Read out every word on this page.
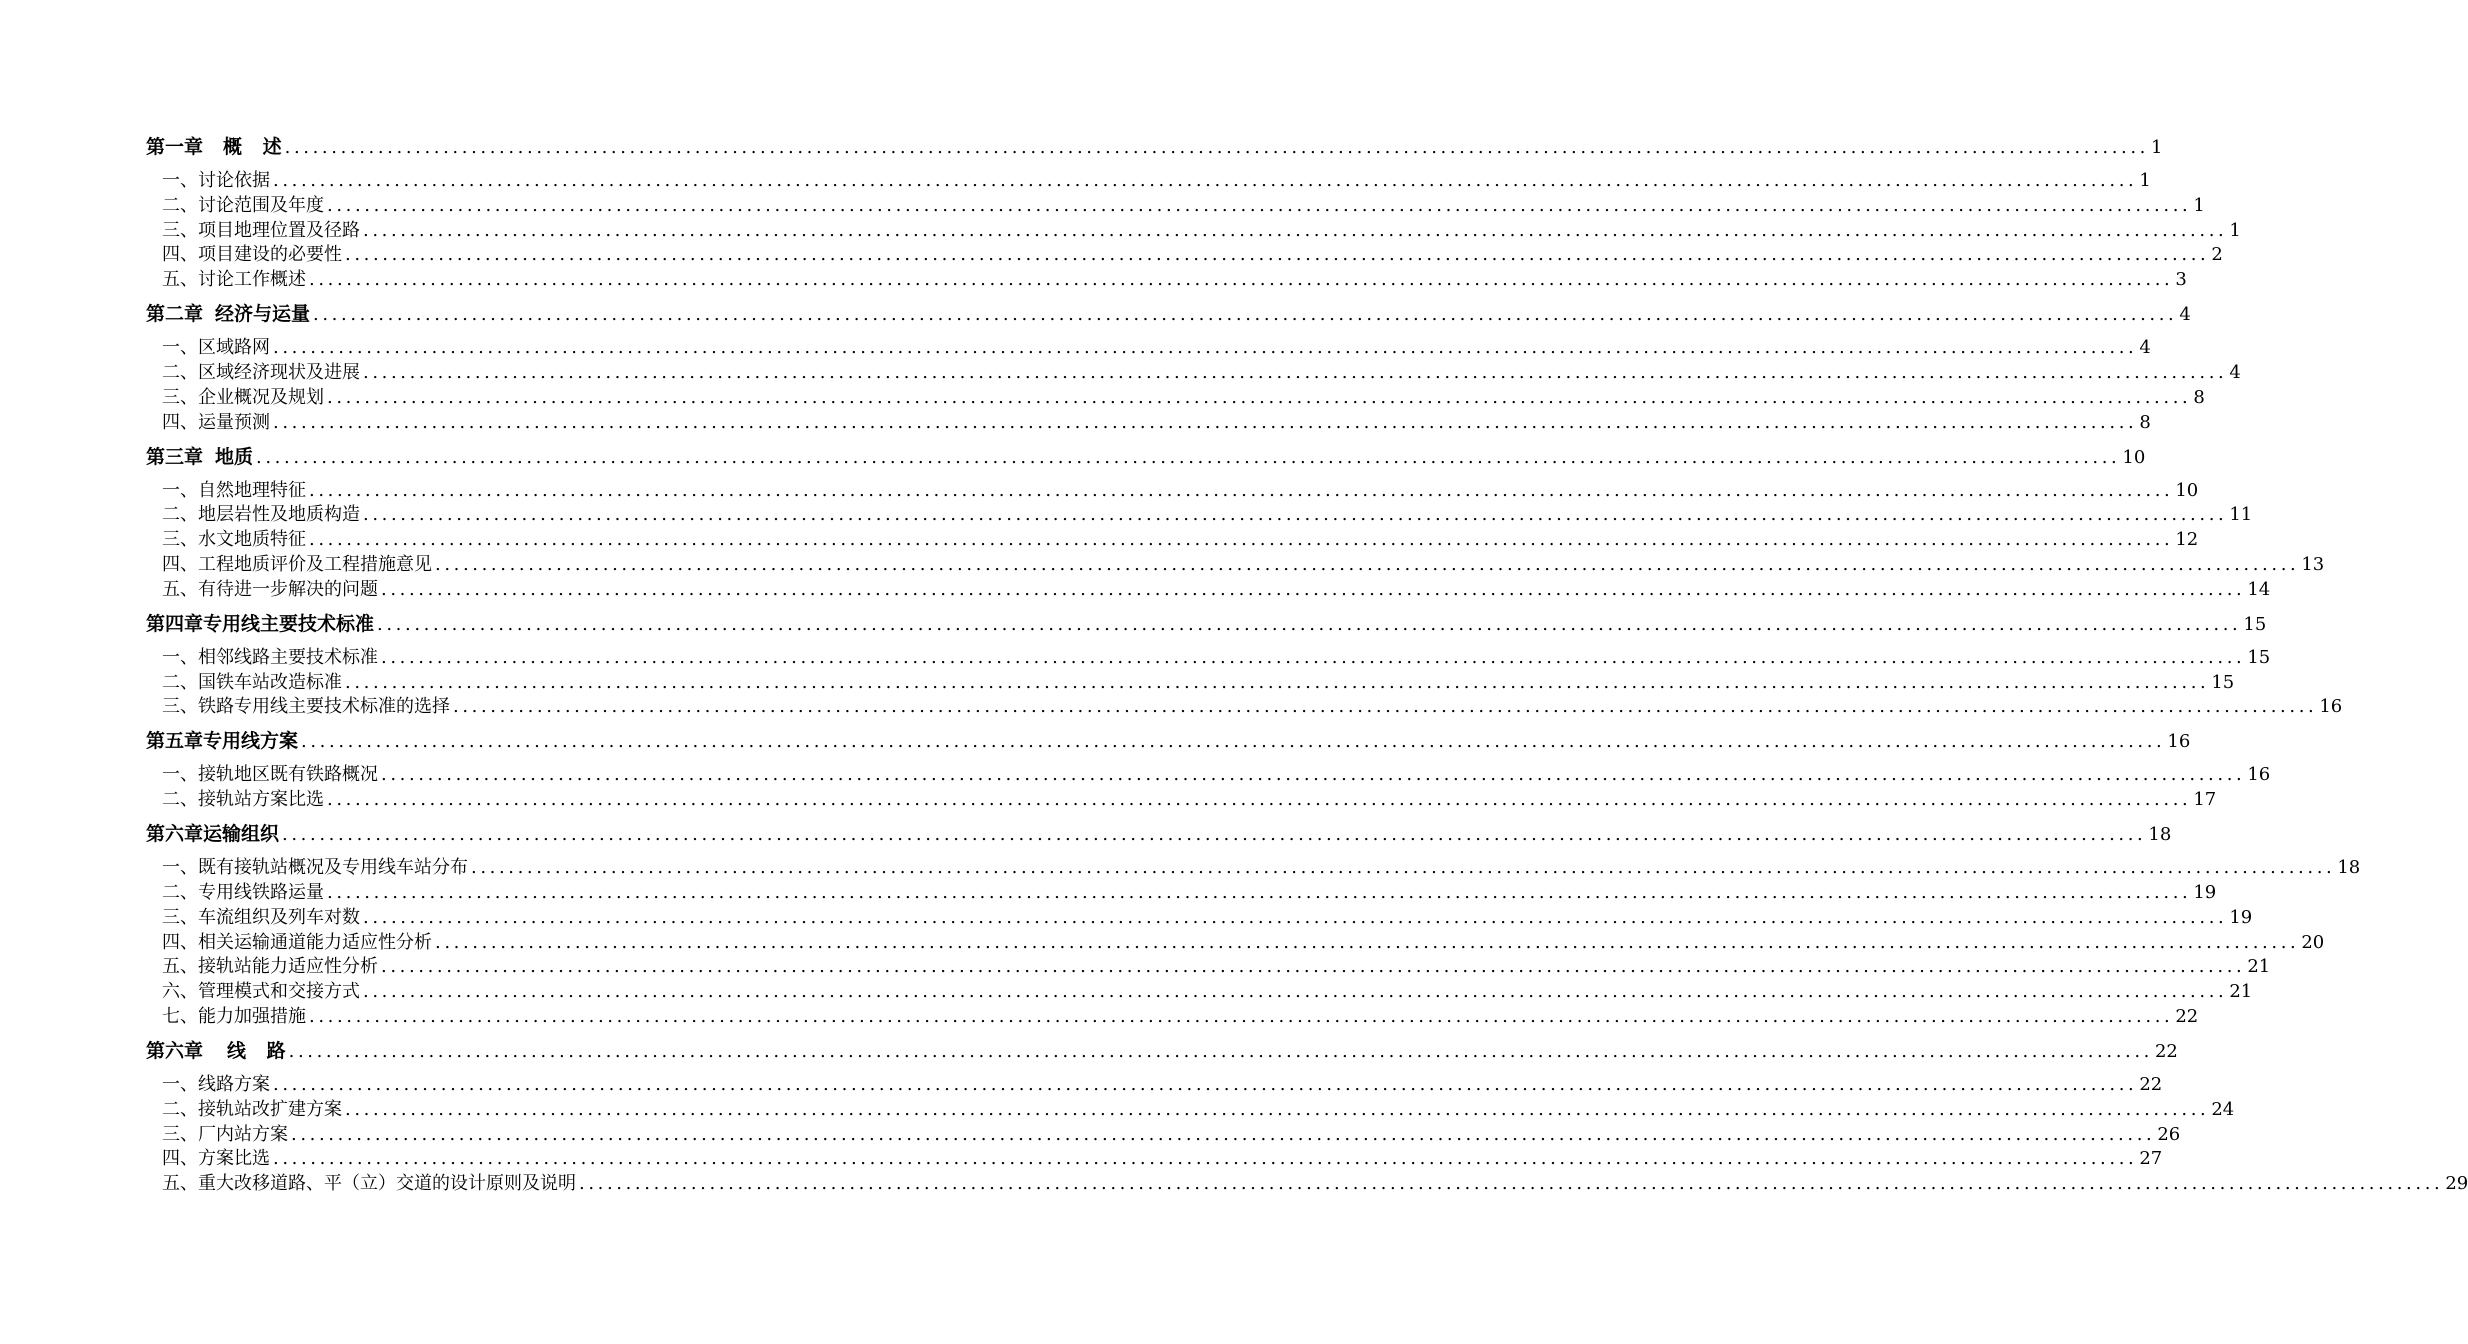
第一章 概 述 ........................................................................................................................................................................................................ 1
一、讨论依据 ........................................................................................................................................................................................................ 1
二、讨论范围及年度 ........................................................................................................................................................................................................ 1
三、项目地理位置及径路 ........................................................................................................................................................................................................ 1
四、项目建设的必要性 ........................................................................................................................................................................................................ 2
五、讨论工作概述 ........................................................................................................................................................................................................ 3
第二章 经济与运量 ........................................................................................................................................................................................................ 4
一、区域路网 ........................................................................................................................................................................................................ 4
二、区域经济现状及进展 ........................................................................................................................................................................................................ 4
三、企业概况及规划 ........................................................................................................................................................................................................ 8
四、运量预测 ........................................................................................................................................................................................................ 8
第三章 地质 ........................................................................................................................................................................................................ 10
一、自然地理特征 ........................................................................................................................................................................................................ 10
二、地层岩性及地质构造 ........................................................................................................................................................................................................ 11
三、水文地质特征 ........................................................................................................................................................................................................ 12
四、工程地质评价及工程措施意见 ........................................................................................................................................................................................................ 13
五、有待进一步解决的问题 ........................................................................................................................................................................................................ 14
第四章 专用线主要技术标准 ........................................................................................................................................................................................................ 15
一、相邻线路主要技术标准 ........................................................................................................................................................................................................ 15
二、国铁车站改造标准 ........................................................................................................................................................................................................ 15
三、铁路专用线主要技术标准的选择 ........................................................................................................................................................................................................ 16
第五章 专用线方案 ........................................................................................................................................................................................................ 16
一、接轨地区既有铁路概况 ........................................................................................................................................................................................................ 16
二、接轨站方案比选 ........................................................................................................................................................................................................ 17
第六章 运输组织 ........................................................................................................................................................................................................ 18
一、既有接轨站概况及专用线车站分布 ........................................................................................................................................................................................................ 18
二、专用线铁路运量 ........................................................................................................................................................................................................ 19
三、车流组织及列车对数 ........................................................................................................................................................................................................ 19
四、相关运输通道能力适应性分析 ........................................................................................................................................................................................................ 20
五、接轨站能力适应性分析 ........................................................................................................................................................................................................ 21
六、管理模式和交接方式 ........................................................................................................................................................................................................ 21
七、能力加强措施 ........................................................................................................................................................................................................ 22
第六章 线 路 ........................................................................................................................................................................................................ 22
一、线路方案 ........................................................................................................................................................................................................ 22
二、接轨站改扩建方案 ........................................................................................................................................................................................................ 24
三、厂内站方案 ........................................................................................................................................................................................................ 26
四、方案比选 ........................................................................................................................................................................................................ 27
五、重大改移道路、平（立）交道的设计原则及说明 ........................................................................................................................................................................................................ 29
